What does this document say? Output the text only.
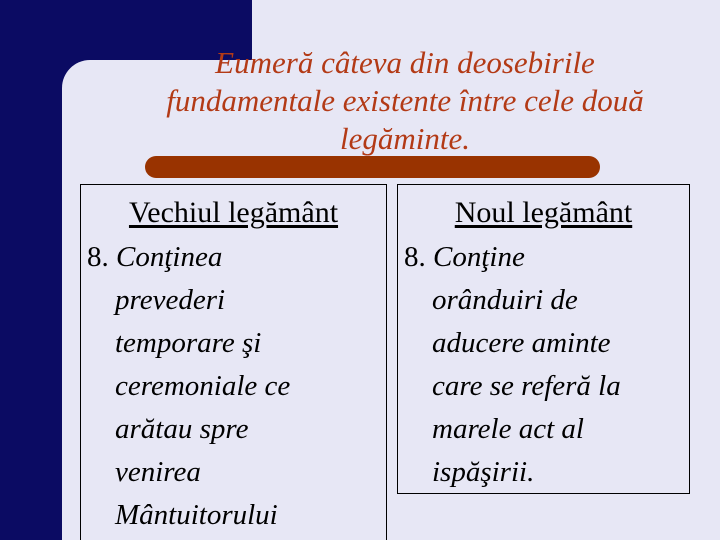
Eumeră câteva din deosebirile
fundamentale existente între cele două
legăminte.
Vechiul legământ
8. Conţinea
prevederi
temporare şi
ceremoniale ce
arătau spre
venirea
Mântuitorului
Noul legământ
8. Conţine
orânduiri de
aducere aminte
care se referă la
marele act al
ispăşirii.
